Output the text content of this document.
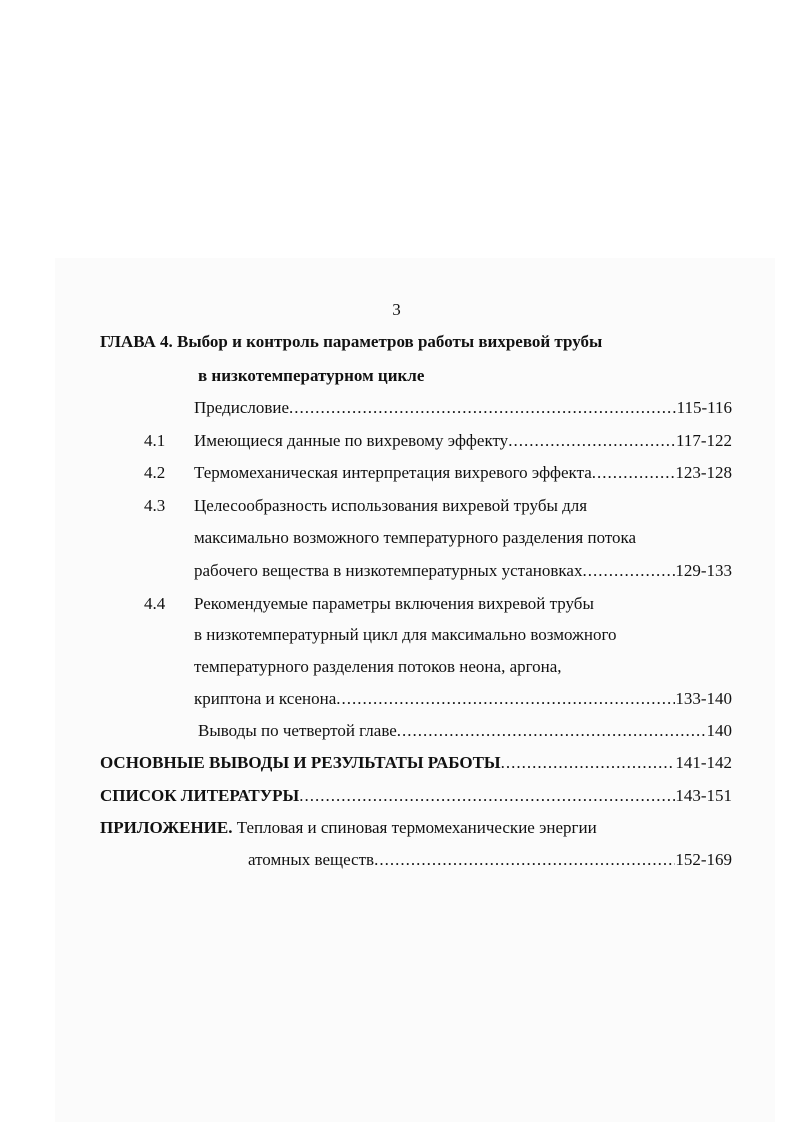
3
ГЛАВА 4. Выбор и контроль параметров работы вихревой трубы
в низкотемпературном цикле
Предисловие .....	115-116
4.1 Имеющиеся данные по вихревому эффекту .....	117-122
4.2 Термомеханическая интерпретация вихревого эффекта .....	123-128
4.3 Целесообразность использования вихревой трубы для
максимально возможного температурного разделения потока
рабочего вещества в низкотемпературных установках .....	129-133
4.4 Рекомендуемые параметры включения вихревой трубы
в низкотемпературный цикл для максимально возможного
температурного разделения потоков неона, аргона,
криптона и ксенона .....	133-140
Выводы по четвертой главе .....	140
ОСНОВНЫЕ ВЫВОДЫ И РЕЗУЛЬТАТЫ РАБОТЫ .....	141-142
СПИСОК ЛИТЕРАТУРЫ .....	143-151
ПРИЛОЖЕНИЕ. Тепловая и спиновая термомеханические энергии
атомных веществ .....	152-169
